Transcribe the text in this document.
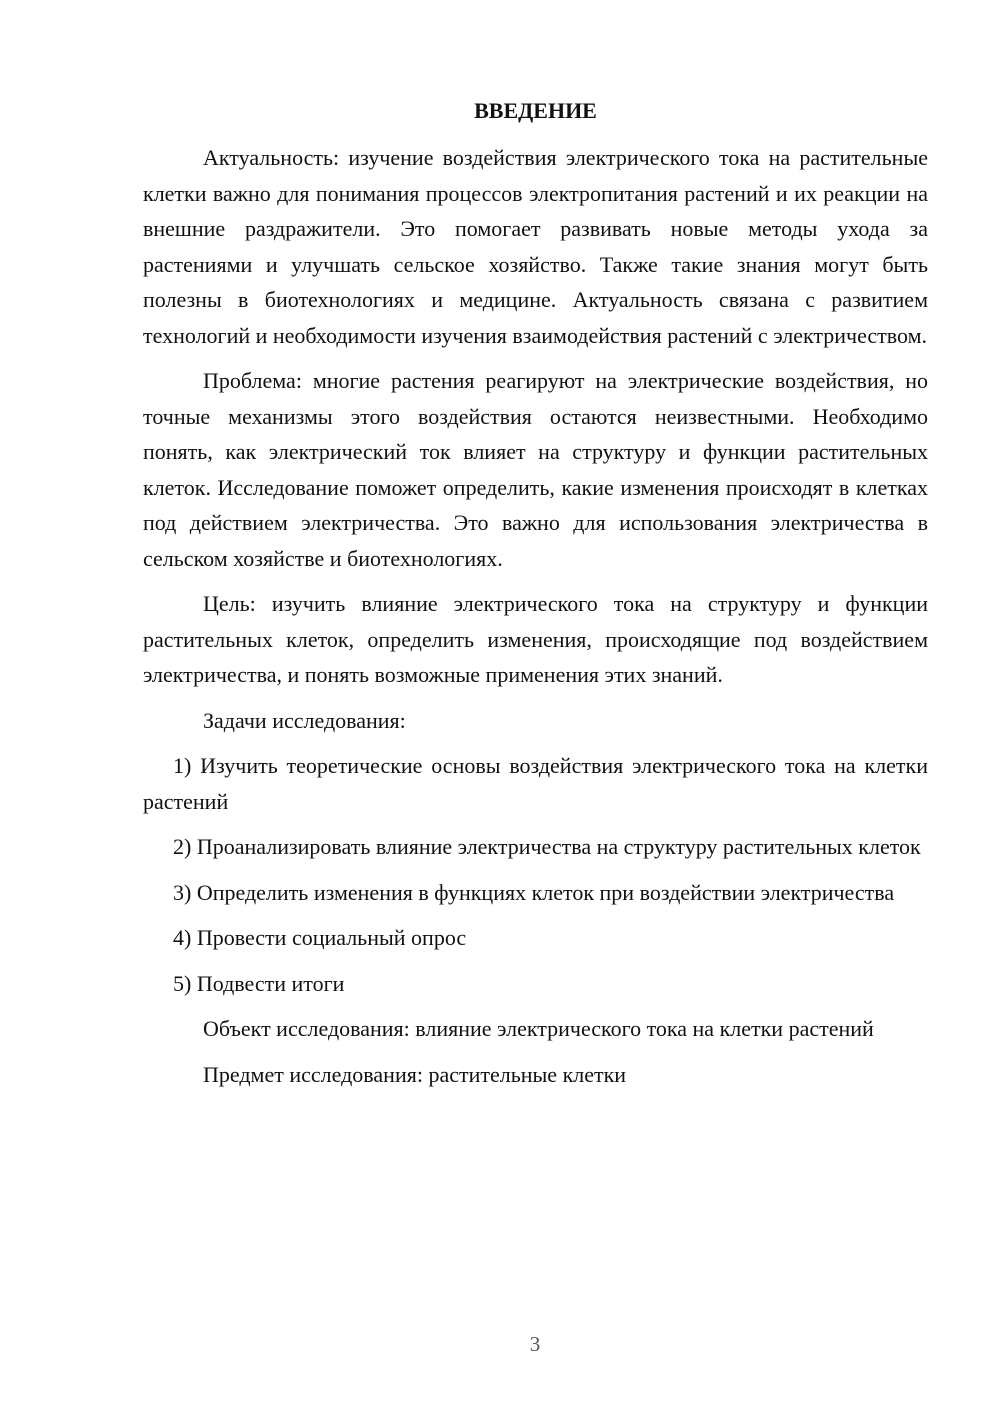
ВВЕДЕНИЕ

Актуальность: изучение воздействия электрического тока на растительные клетки важно для понимания процессов электропитания растений и их реакции на внешние раздражители. Это помогает развивать новые методы ухода за растениями и улучшать сельское хозяйство. Также такие знания могут быть полезны в биотехнологиях и медицине. Актуальность связана с развитием технологий и необходимости изучения взаимодействия растений с электричеством.

Проблема: многие растения реагируют на электрические воздействия, но точные механизмы этого воздействия остаются неизвестными. Необходимо понять, как электрический ток влияет на структуру и функции растительных клеток. Исследование поможет определить, какие изменения происходят в клетках под действием электричества. Это важно для использования электричества в сельском хозяйстве и биотехнологиях.

Цель: изучить влияние электрического тока на структуру и функции растительных клеток, определить изменения, происходящие под воздействием электричества, и понять возможные применения этих знаний.

Задачи исследования:

1) Изучить теоретические основы воздействия электрического тока на клетки растений

2) Проанализировать влияние электричества на структуру растительных клеток

3) Определить изменения в функциях клеток при воздействии электричества

4) Провести социальный опрос

5) Подвести итоги

Объект исследования: влияние электрического тока на клетки растений

Предмет исследования: растительные клетки

3
